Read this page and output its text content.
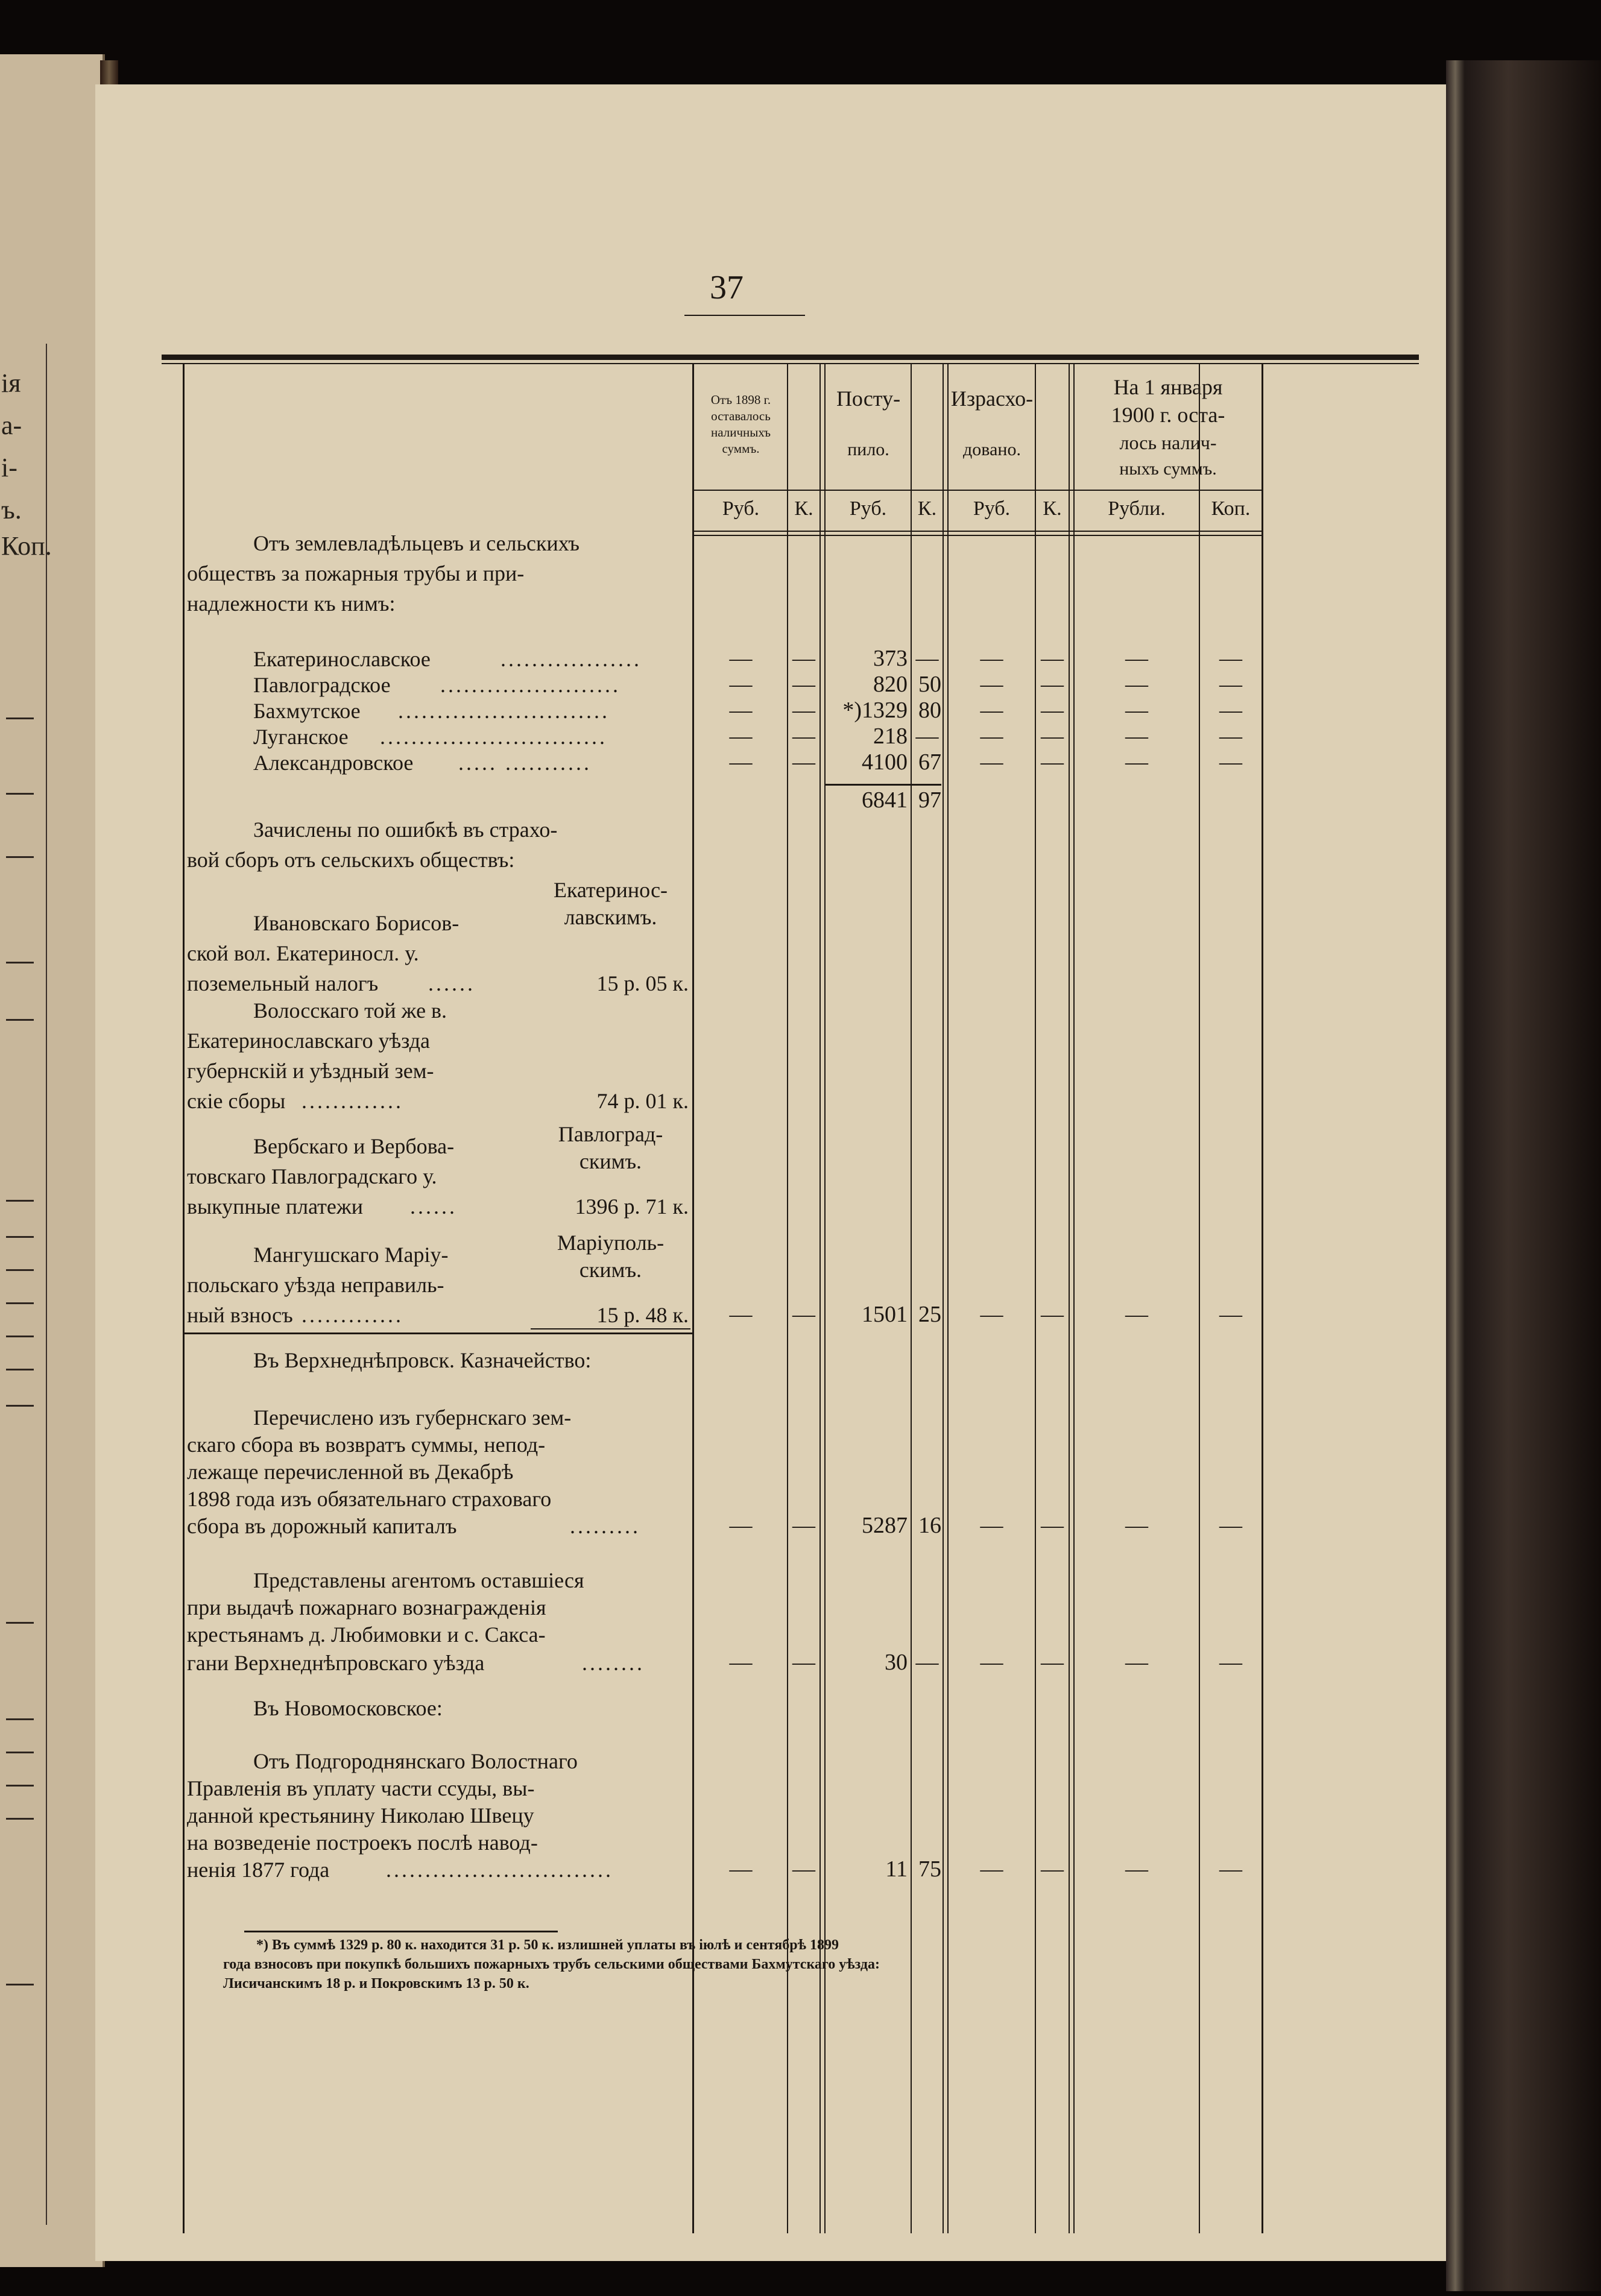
ія
а-
і-
ъ.
Коп.
37
Отъ 1898 г.
оставалось
наличныхъ
суммъ.
Посту-
пило.
Израсхо-
довано.
На 1 января
1900 г. оста-
лось налич-
ныхъ суммъ.
Руб.	К.	Руб.	К.	Руб.	К.	Рубли.	Коп.
Отъ землевладѣльцевъ и сельскихъ
обществъ за пожарныя трубы и при-
надлежности къ нимъ:
Екатеринославское	..................	—	—	373 —	—	—	—	—
Павлоградское .......................	—	—	820 50	—	—	—	—
Бахмутское ...........................	—	—	*)1329 80	—	—	—	—
Луганское .............................	—	—	218 —	—	—	—	—
Александровское ..... ...........	—	—	4100 67	—	—	—	—
6841 97
Зачислены по ошибкѣ въ страхо-
вой сборъ отъ сельскихъ обществъ:
Ивановскаго Борисов-
ской вол. Екатериносл. у.
поземельный налогъ ......
Екатеринос-
лавскимъ.
15 р. 05 к.
Волосскаго той же в.
Екатеринославскаго уѣзда
губернскій и уѣздный зем-
скіе сборы .............	74 р. 01 к.
Вербскаго и Вербова-
товскаго Павлоградскаго у.
выкупные платежи ......
Павлоград-
скимъ.
1396 р. 71 к.
Мангушскаго Маріу-
польскаго уѣзда неправиль-
ный взносъ .............
Маріуполь-
скимъ.
15 р. 48 к.	—	—	1501 25	—	—	—	—
Въ Верхнеднѣпровск. Казначейство:
Перечислено изъ губернскаго зем-
скаго сбора въ возвратъ суммы, непод-
лежаще перечисленной въ Декабрѣ
1898 года изъ обязательнаго страховаго
сбора въ дорожный капиталъ	.........	—	—	5287 16	—	—	—	—
Представлены агентомъ оставшіеся
при выдачѣ пожарнаго вознагражденія
крестьянамъ д. Любимовки и с. Сакса-
гани Верхнеднѣпровскаго уѣзда	........	—	—	30 —	—	—	—	—
Въ Новомосковское:
Отъ Подгороднянскаго Волостнаго
Правленія въ уплату части ссуды, вы-
данной крестьянину Николаю Швецу
на возведеніе построекъ послѣ навод-
ненія 1877 года	.............................	—	—	11 75	—	—	—	—
*) Въ суммѣ 1329 р. 80 к. находится 31 р. 50 к. излишней уплаты въ іюлѣ и сентябрѣ 1899
года взносовъ при покупкѣ большихъ пожарныхъ трубъ сельскими обществами Бахмутскаго уѣзда:
Лисичанскимъ 18 р. и Покровскимъ 13 р. 50 к.
